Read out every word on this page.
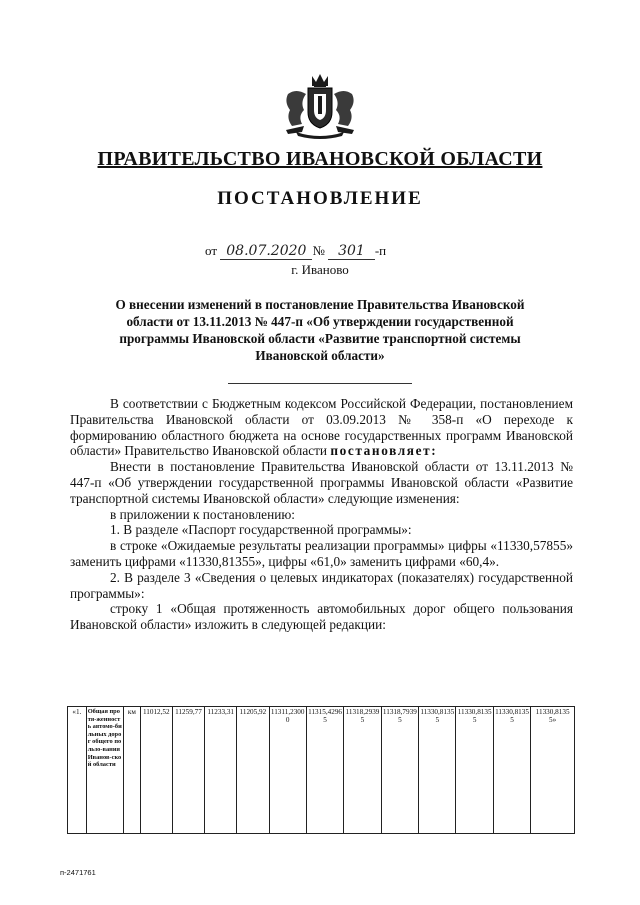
ПРАВИТЕЛЬСТВО ИВАНОВСКОЙ ОБЛАСТИ
ПОСТАНОВЛЕНИЕ
от 08.07.2020 № 301 -п
г. Иваново
О внесении изменений в постановление Правительства Ивановской области от 13.11.2013 № 447-п «Об утверждении государственной программы Ивановской области «Развитие транспортной системы Ивановской области»

В соответствии с Бюджетным кодексом Российской Федерации, постановлением Правительства Ивановской области от 03.09.2013 № 358-п «О переходе к формированию областного бюджета на основе государственных программ Ивановской области» Правительство Ивановской области постановляет:

Внести в постановление Правительства Ивановской области от 13.11.2013 № 447-п «Об утверждении государственной программы Ивановской области «Развитие транспортной системы Ивановской области» следующие изменения:

в приложении к постановлению:

1. В разделе «Паспорт государственной программы»:

в строке «Ожидаемые результаты реализации программы» цифры «11330,57855» заменить цифрами «11330,81355», цифры «61,0» заменить цифрами «60,4».

2. В разделе 3 «Сведения о целевых индикаторах (показателях) государственной программы»:

строку 1 «Общая протяженность автомобильных дорог общего пользования Ивановской области» изложить в следующей редакции:

«1.	Общая протя-женность автомо-бильных дорог общего пользо-вания Иванов-ской области	км	11012,52	11259,77	11233,31	11205,92	11311,23000	11315,42965	11318,29395	11318,79395	11330,81355	11330,81355	11330,81355	11330,81355»
п-2471761
